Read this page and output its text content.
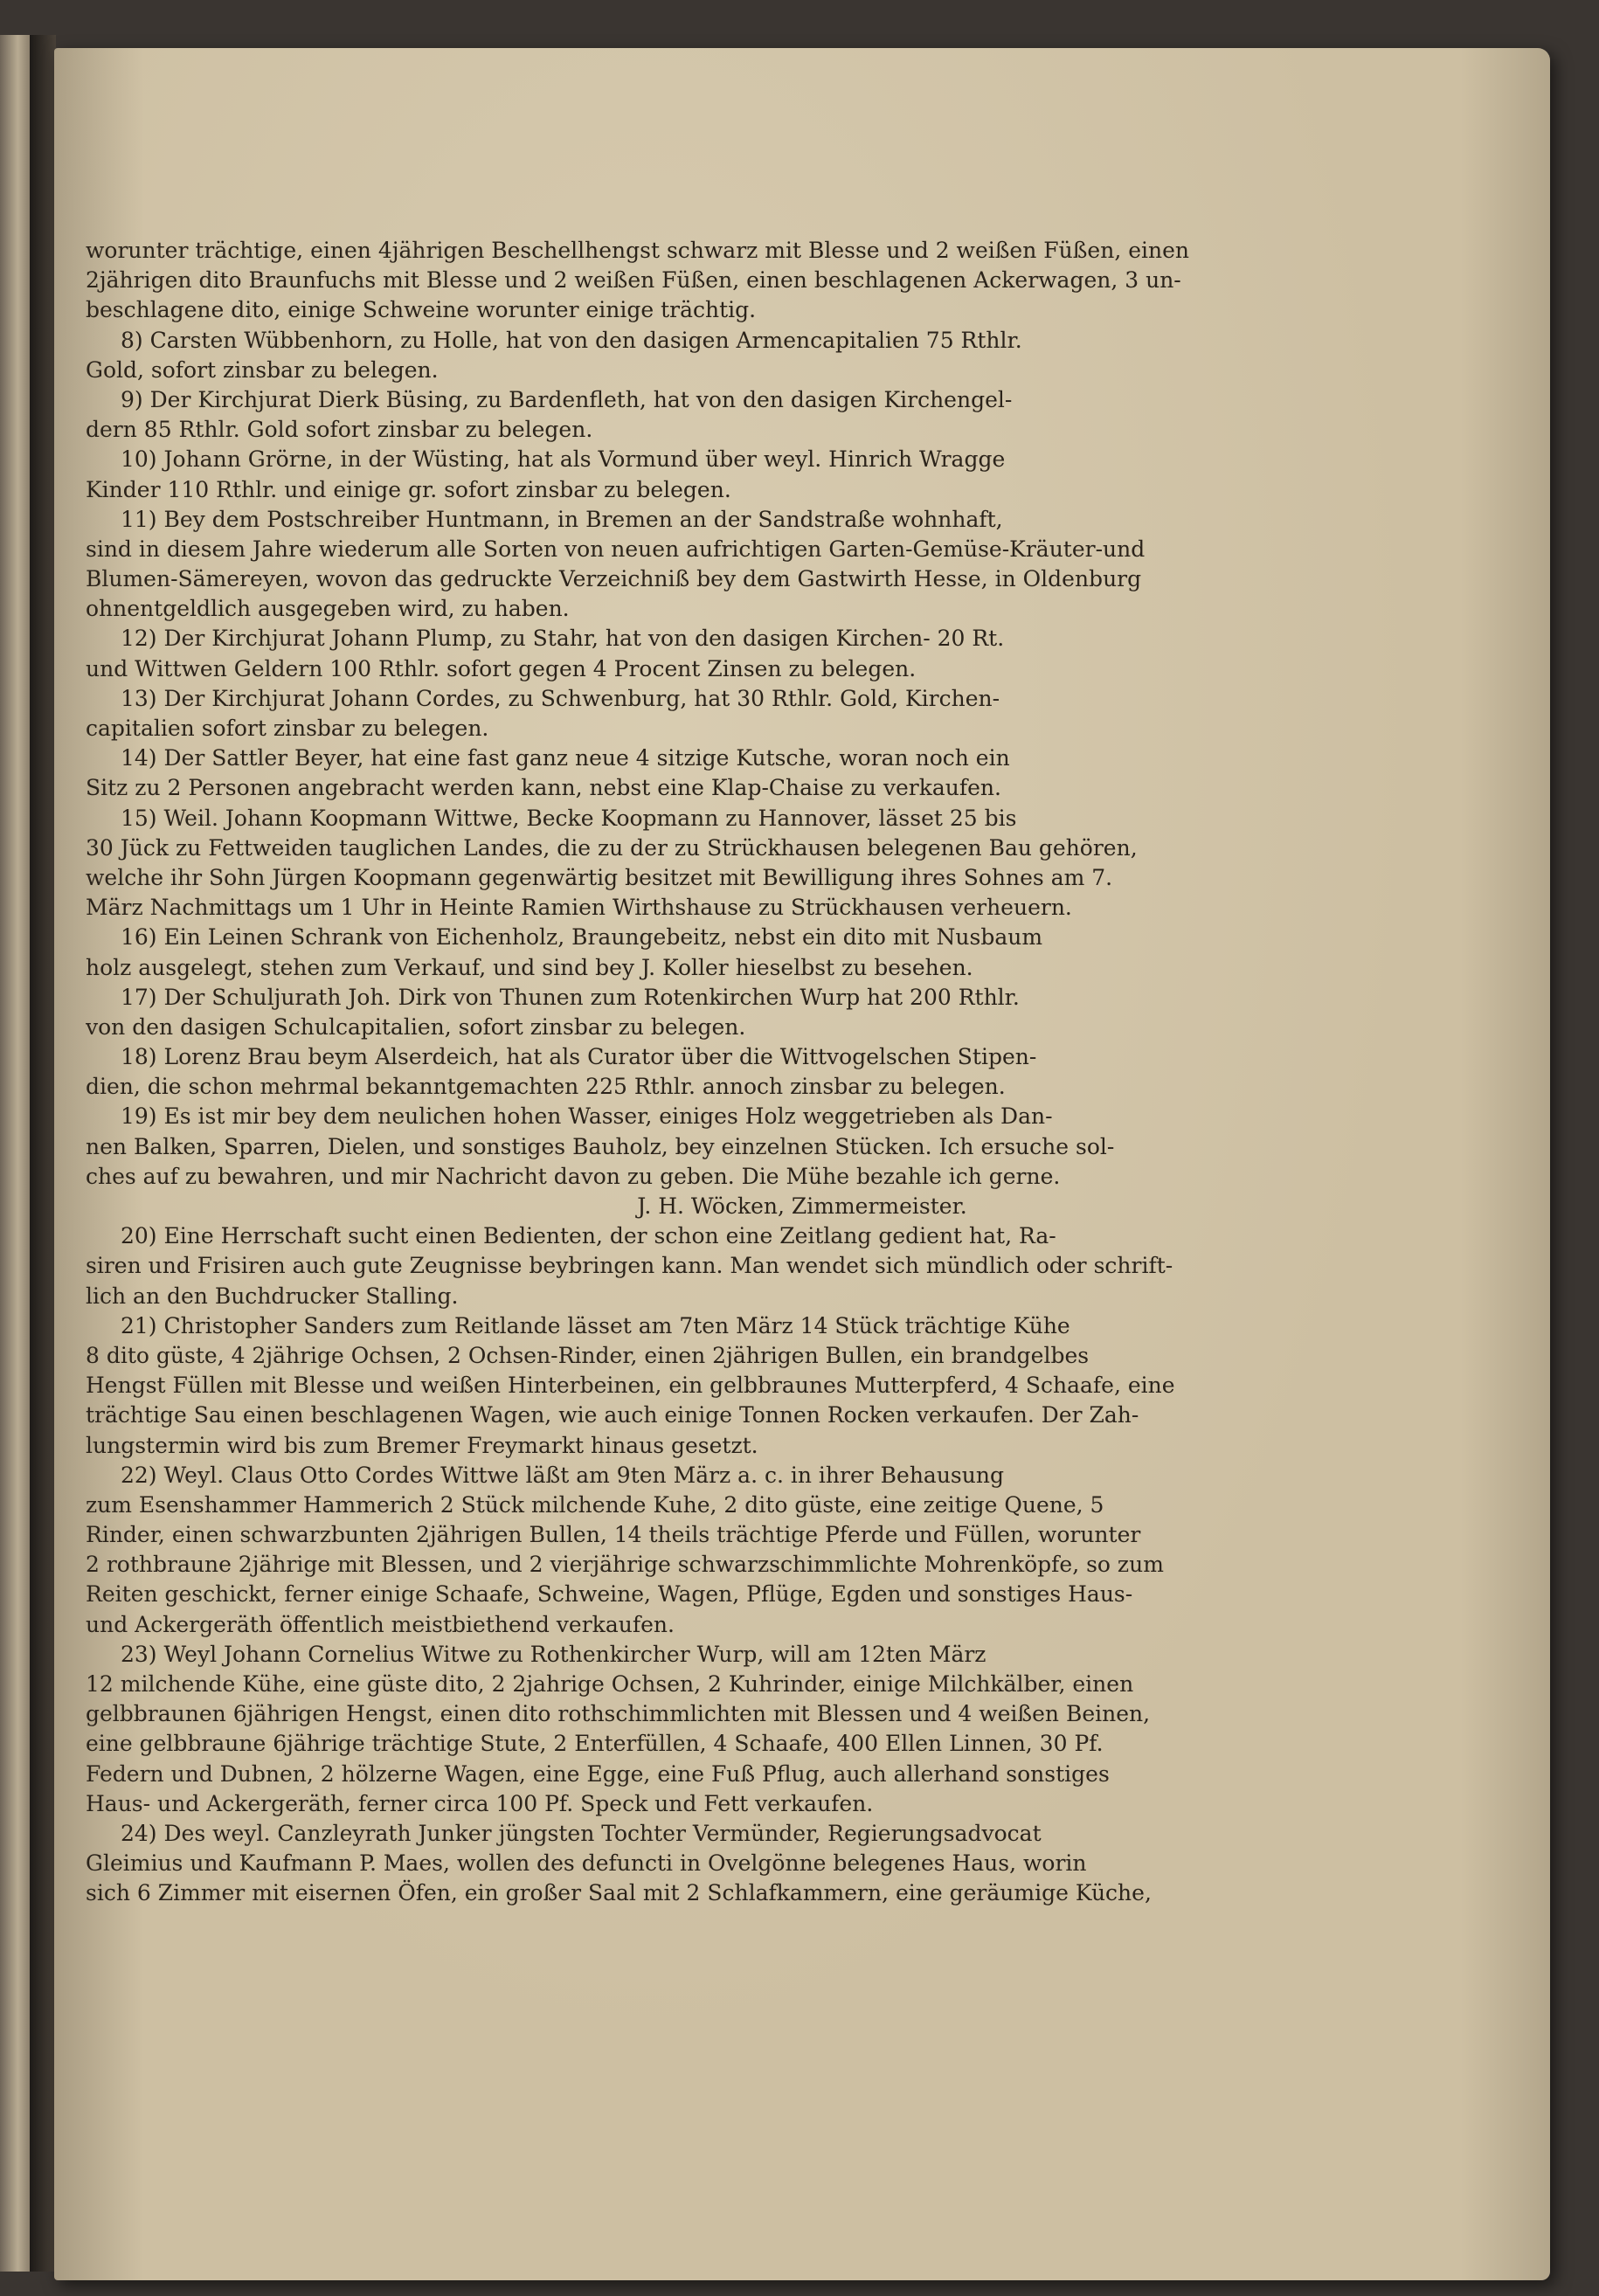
worunter trächtige, einen 4jährigen Beschellhengst schwarz mit Blesse und 2 weißen Füßen, einen
2jährigen dito Braunfuchs mit Blesse und 2 weißen Füßen, einen beschlagenen Ackerwagen, 3 un-
beschlagene dito, einige Schweine worunter einige trächtig.
8) Carsten Wübbenhorn, zu Holle, hat von den dasigen Armencapitalien 75 Rthlr.
Gold, sofort zinsbar zu belegen.
9) Der Kirchjurat Dierk Büsing, zu Bardenfleth, hat von den dasigen Kirchengel-
dern 85 Rthlr. Gold sofort zinsbar zu belegen.
10) Johann Grörne, in der Wüsting, hat als Vormund über weyl. Hinrich Wragge
Kinder 110 Rthlr. und einige gr. sofort zinsbar zu belegen.
11) Bey dem Postschreiber Huntmann, in Bremen an der Sandstraße wohnhaft,
sind in diesem Jahre wiederum alle Sorten von neuen aufrichtigen Garten-Gemüse-Kräuter-und
Blumen-Sämereyen, wovon das gedruckte Verzeichniß bey dem Gastwirth Hesse, in Oldenburg
ohnentgeldlich ausgegeben wird, zu haben.
12) Der Kirchjurat Johann Plump, zu Stahr, hat von den dasigen Kirchen- 20 Rt.
und Wittwen Geldern 100 Rthlr. sofort gegen 4 Procent Zinsen zu belegen.
13) Der Kirchjurat Johann Cordes, zu Schwenburg, hat 30 Rthlr. Gold, Kirchen-
capitalien sofort zinsbar zu belegen.
14) Der Sattler Beyer, hat eine fast ganz neue 4 sitzige Kutsche, woran noch ein
Sitz zu 2 Personen angebracht werden kann, nebst eine Klap-Chaise zu verkaufen.
15) Weil. Johann Koopmann Wittwe, Becke Koopmann zu Hannover, lässet 25 bis
30 Jück zu Fettweiden tauglichen Landes, die zu der zu Strückhausen belegenen Bau gehören,
welche ihr Sohn Jürgen Koopmann gegenwärtig besitzet mit Bewilligung ihres Sohnes am 7.
März Nachmittags um 1 Uhr in Heinte Ramien Wirthshause zu Strückhausen verheuern.
16) Ein Leinen Schrank von Eichenholz, Braungebeitz, nebst ein dito mit Nusbaum
holz ausgelegt, stehen zum Verkauf, und sind bey J. Koller hieselbst zu besehen.
17) Der Schuljurath Joh. Dirk von Thunen zum Rotenkirchen Wurp hat 200 Rthlr.
von den dasigen Schulcapitalien, sofort zinsbar zu belegen.
18) Lorenz Brau beym Alserdeich, hat als Curator über die Wittvogelschen Stipen-
dien, die schon mehrmal bekanntgemachten 225 Rthlr. annoch zinsbar zu belegen.
19) Es ist mir bey dem neulichen hohen Wasser, einiges Holz weggetrieben als Dan-
nen Balken, Sparren, Dielen, und sonstiges Bauholz, bey einzelnen Stücken. Ich ersuche sol-
ches auf zu bewahren, und mir Nachricht davon zu geben. Die Mühe bezahle ich gerne.
J. H. Wöcken, Zimmermeister.
20) Eine Herrschaft sucht einen Bedienten, der schon eine Zeitlang gedient hat, Ra-
siren und Frisiren auch gute Zeugnisse beybringen kann. Man wendet sich mündlich oder schrift-
lich an den Buchdrucker Stalling.
21) Christopher Sanders zum Reitlande lässet am 7ten März 14 Stück trächtige Kühe
8 dito güste, 4 2jährige Ochsen, 2 Ochsen-Rinder, einen 2jährigen Bullen, ein brandgelbes
Hengst Füllen mit Blesse und weißen Hinterbeinen, ein gelbbraunes Mutterpferd, 4 Schaafe, eine
trächtige Sau einen beschlagenen Wagen, wie auch einige Tonnen Rocken verkaufen. Der Zah-
lungstermin wird bis zum Bremer Freymarkt hinaus gesetzt.
22) Weyl. Claus Otto Cordes Wittwe läßt am 9ten März a. c. in ihrer Behausung
zum Esenshammer Hammerich 2 Stück milchende Kuhe, 2 dito güste, eine zeitige Quene, 5
Rinder, einen schwarzbunten 2jährigen Bullen, 14 theils trächtige Pferde und Füllen, worunter
2 rothbraune 2jährige mit Blessen, und 2 vierjährige schwarzschimmlichte Mohrenköpfe, so zum
Reiten geschickt, ferner einige Schaafe, Schweine, Wagen, Pflüge, Egden und sonstiges Haus-
und Ackergeräth öffentlich meistbiethend verkaufen.
23) Weyl Johann Cornelius Witwe zu Rothenkircher Wurp, will am 12ten März
12 milchende Kühe, eine güste dito, 2 2jahrige Ochsen, 2 Kuhrinder, einige Milchkälber, einen
gelbbraunen 6jährigen Hengst, einen dito rothschimmlichten mit Blessen und 4 weißen Beinen,
eine gelbbraune 6jährige trächtige Stute, 2 Enterfüllen, 4 Schaafe, 400 Ellen Linnen, 30 Pf.
Federn und Dubnen, 2 hölzerne Wagen, eine Egge, eine Fuß Pflug, auch allerhand sonstiges
Haus- und Ackergeräth, ferner circa 100 Pf. Speck und Fett verkaufen.
24) Des weyl. Canzleyrath Junker jüngsten Tochter Vermünder, Regierungsadvocat
Gleimius und Kaufmann P. Maes, wollen des defuncti in Ovelgönne belegenes Haus, worin
sich 6 Zimmer mit eisernen Öfen, ein großer Saal mit 2 Schlafkammern, eine geräumige Küche,
